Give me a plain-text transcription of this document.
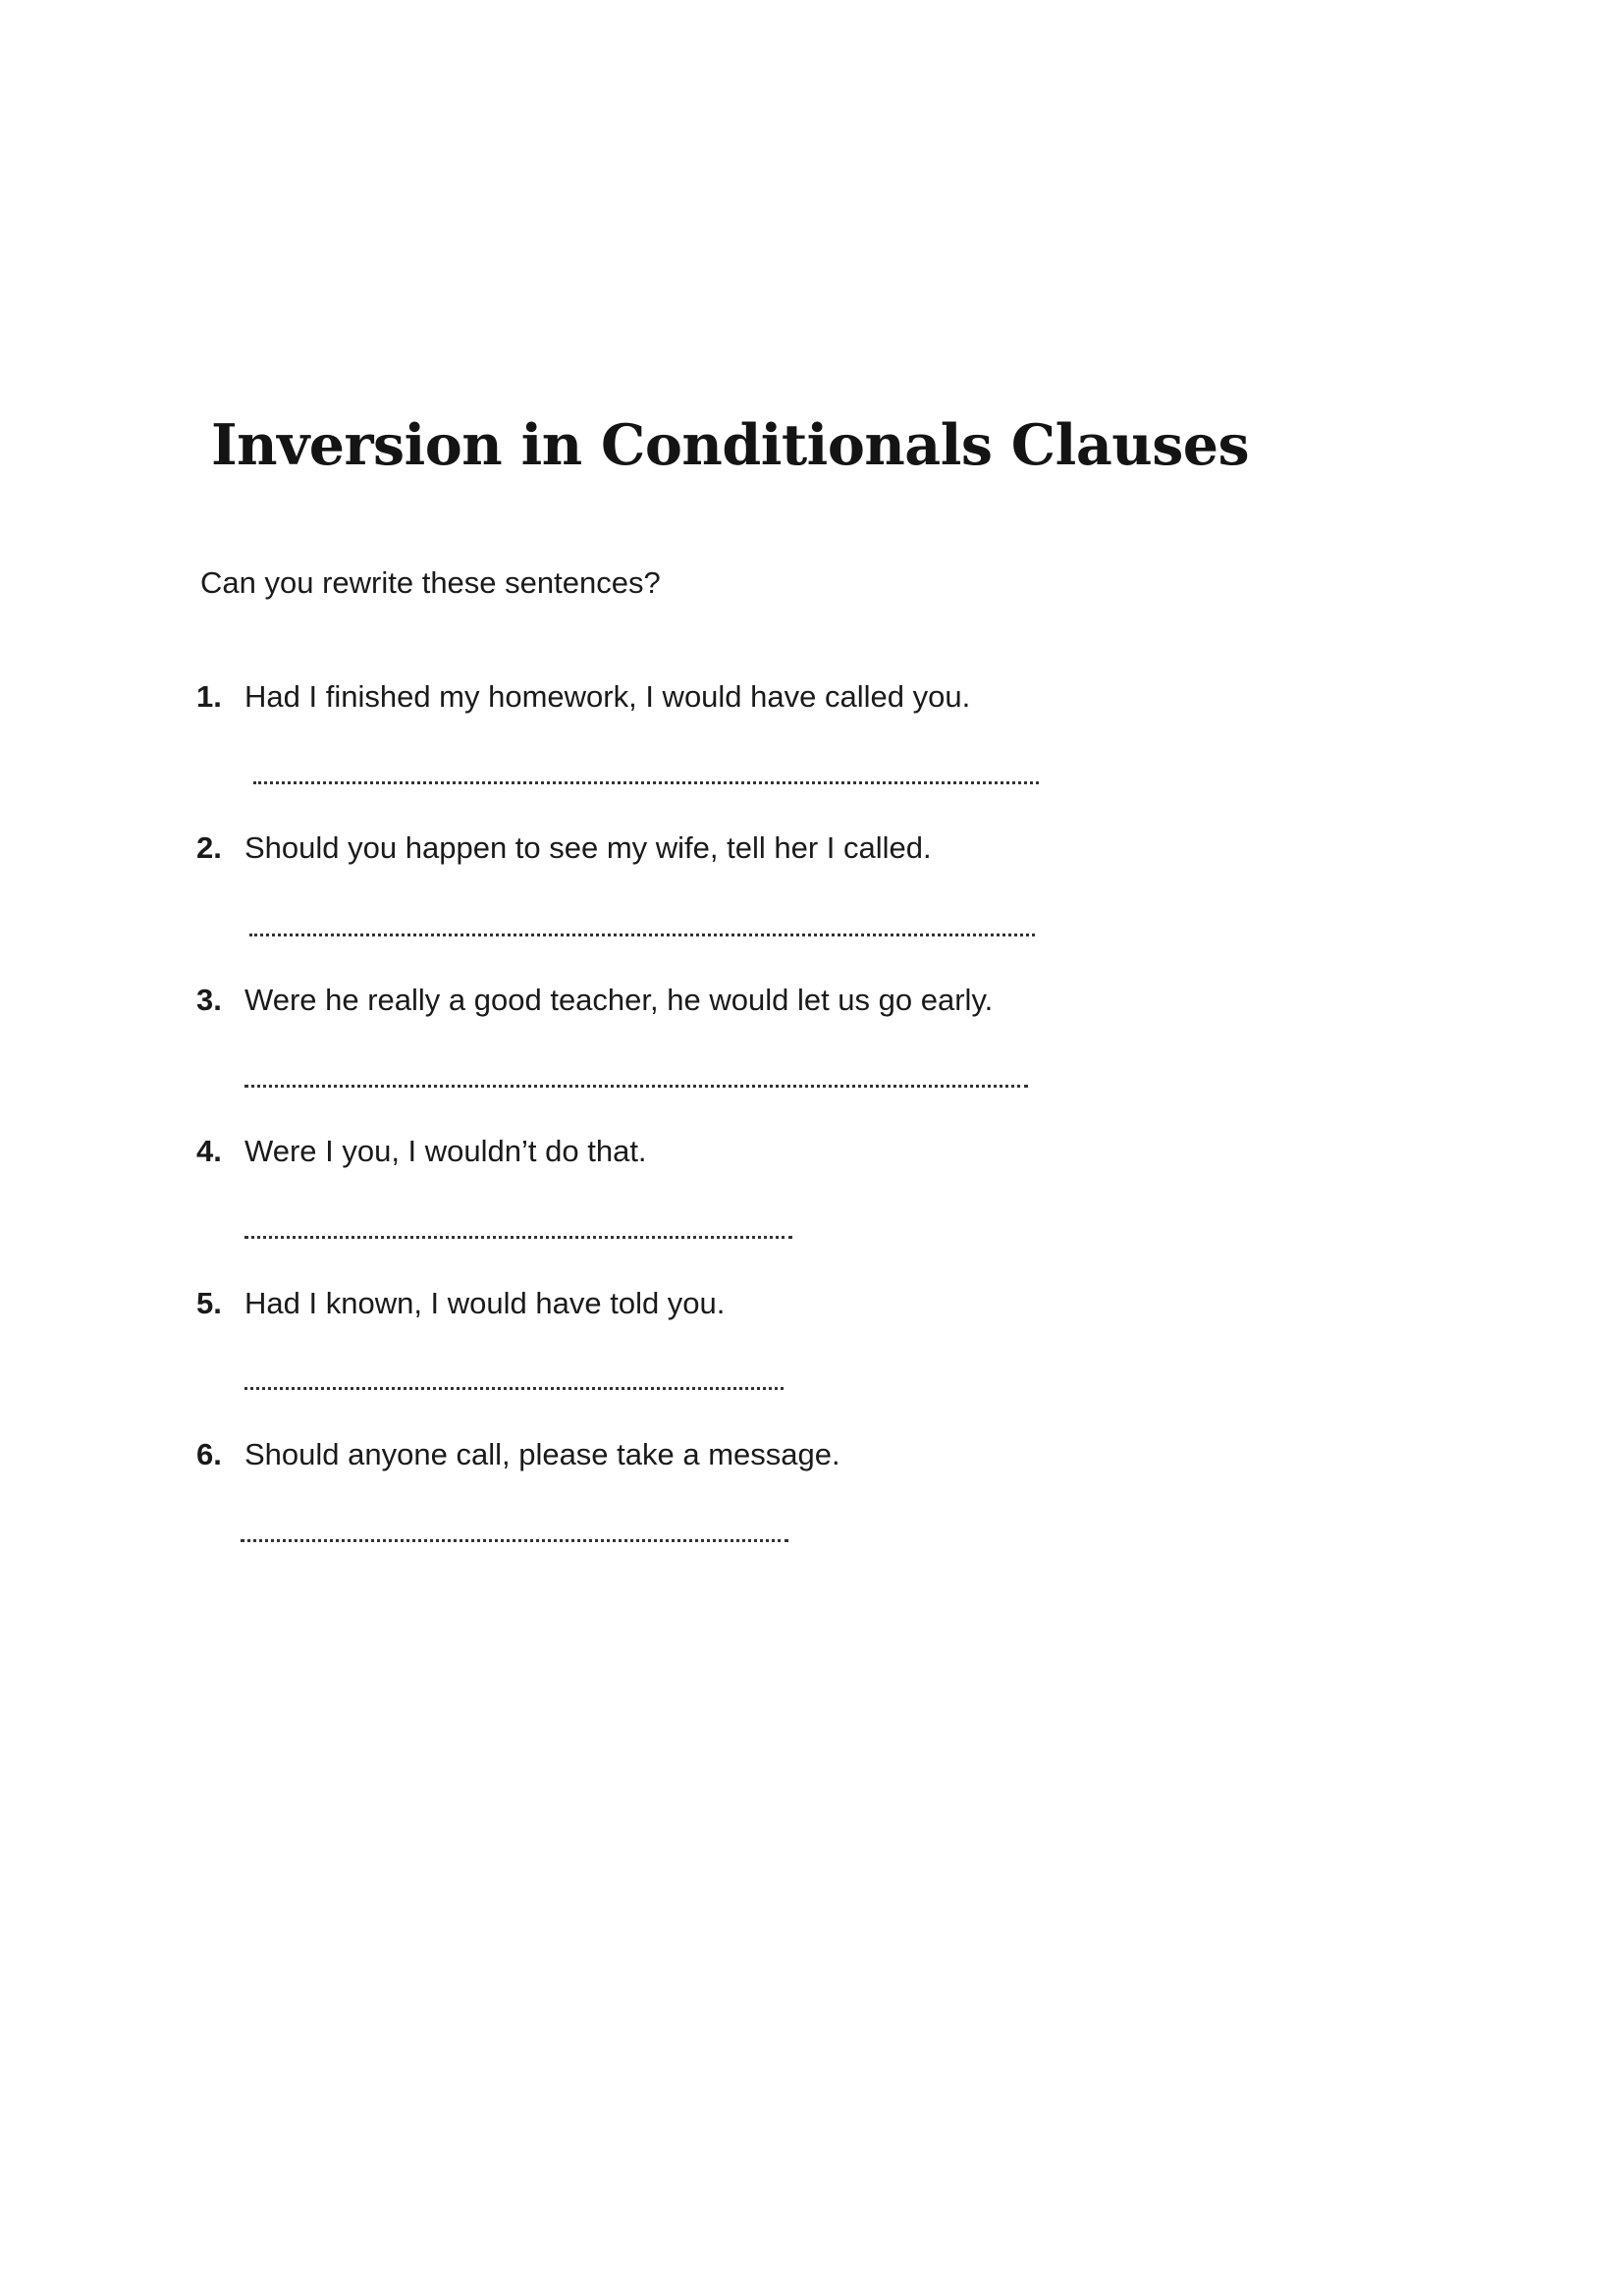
Inversion in Conditionals Clauses
Can you rewrite these sentences?
1. Had I finished my homework, I would have called you.
2. Should you happen to see my wife, tell her I called.
3. Were he really a good teacher, he would let us go early.
4. Were I you, I wouldn’t do that.
5. Had I known, I would have told you.
6. Should anyone call, please take a message.
